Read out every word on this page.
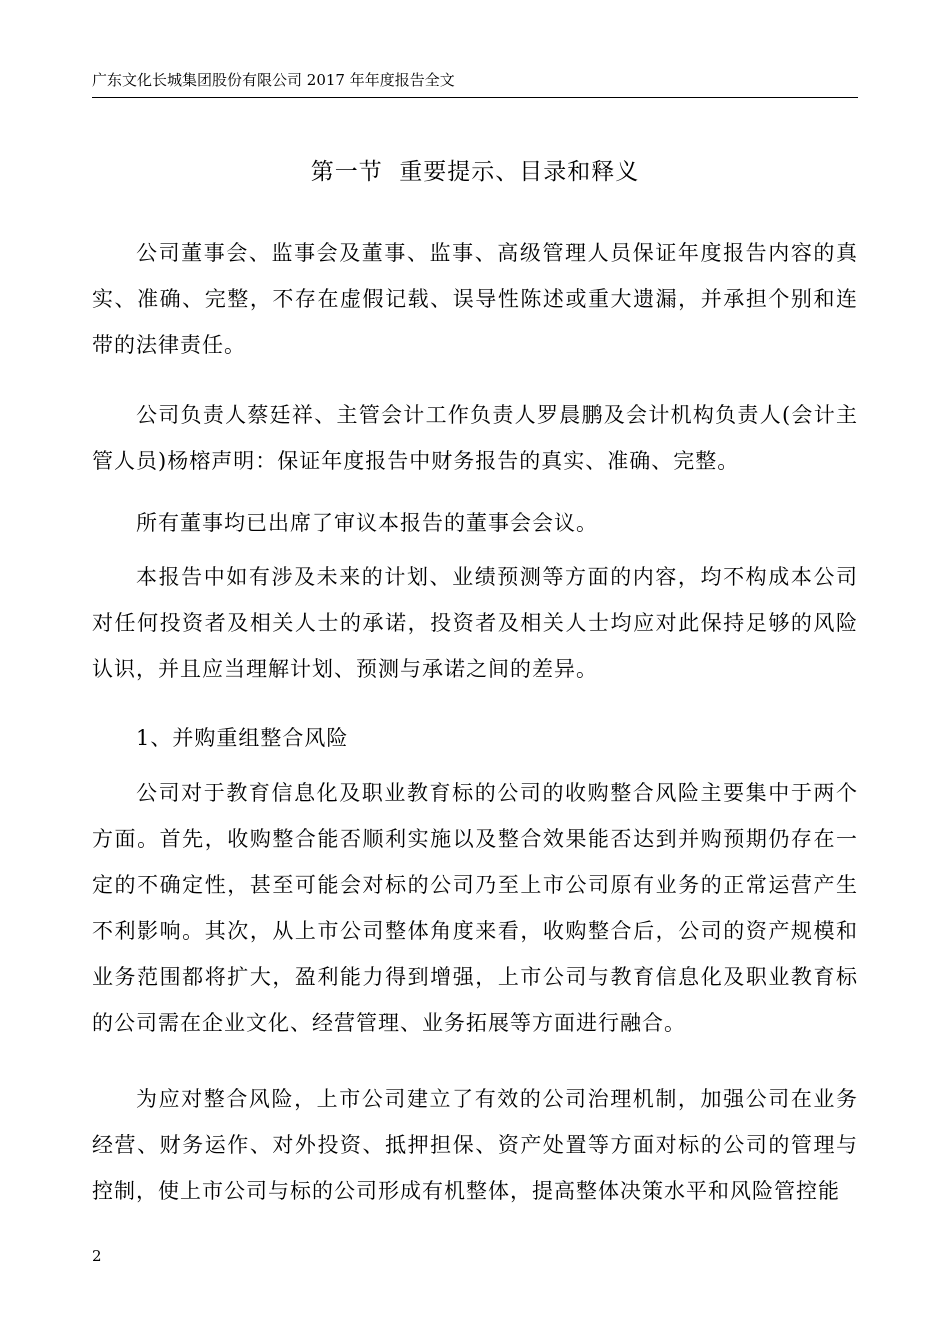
广东文化长城集团股份有限公司 2017 年年度报告全文
第一节  重要提示、目录和释义

公司董事会、监事会及董事、监事、高级管理人员保证年度报告内容的真实、准确、完整，不存在虚假记载、误导性陈述或重大遗漏，并承担个别和连带的法律责任。

公司负责人蔡廷祥、主管会计工作负责人罗晨鹏及会计机构负责人(会计主管人员)杨榕声明：保证年度报告中财务报告的真实、准确、完整。

所有董事均已出席了审议本报告的董事会会议。

本报告中如有涉及未来的计划、业绩预测等方面的内容，均不构成本公司对任何投资者及相关人士的承诺，投资者及相关人士均应对此保持足够的风险认识，并且应当理解计划、预测与承诺之间的差异。

1、并购重组整合风险

公司对于教育信息化及职业教育标的公司的收购整合风险主要集中于两个方面。首先，收购整合能否顺利实施以及整合效果能否达到并购预期仍存在一定的不确定性，甚至可能会对标的公司乃至上市公司原有业务的正常运营产生不利影响。其次，从上市公司整体角度来看，收购整合后，公司的资产规模和业务范围都将扩大，盈利能力得到增强，上市公司与教育信息化及职业教育标的公司需在企业文化、经营管理、业务拓展等方面进行融合。

为应对整合风险，上市公司建立了有效的公司治理机制，加强公司在业务经营、财务运作、对外投资、抵押担保、资产处置等方面对标的公司的管理与控制，使上市公司与标的公司形成有机整体，提高整体决策水平和风险管控能

2
